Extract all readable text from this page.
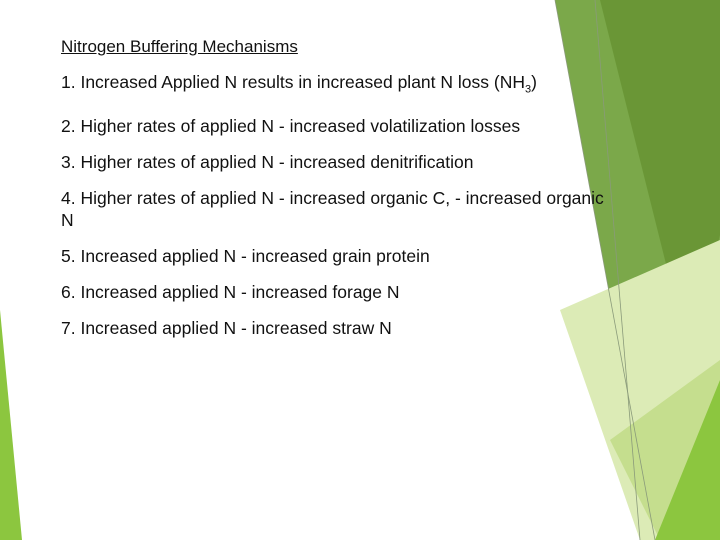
Nitrogen Buffering Mechanisms
1. Increased Applied N results in increased plant N loss $(NH_3)$
2. Higher rates of applied N - increased volatilization losses
3. Higher rates of applied N - increased denitrification
4. Higher rates of applied N - increased organic C, - increased organic N
5. Increased applied N - increased grain protein
6. Increased applied N - increased forage N
7. Increased applied N - increased straw N
